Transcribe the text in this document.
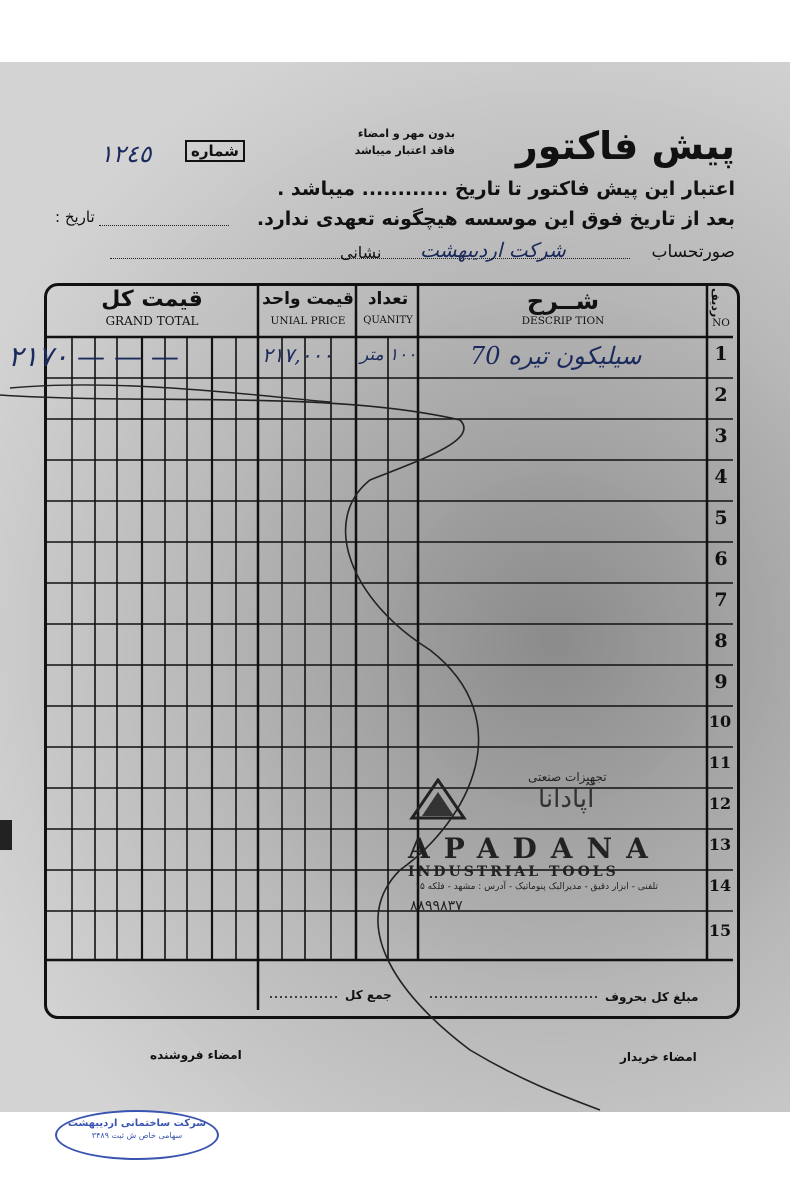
پیش فاکتور
بدون مهر و امضاء
فاقد اعتبار میباشد
شماره
١٢٤٥
اعتبار این پیش فاکتور تا تاریخ ............ میباشد .
بعد از تاریخ فوق این موسسه هیچگونه تعهدی ندارد.
تاریخ :
صورتحساب
شرکت اردیبهشت
نشانی
ردیف
NO
شــرح
DESCRIP TION
تعداد
QUANITY
قیمت واحد
UNIAL PRICE
قیمت کل
GRAND TOTAL
1
2
3
4
5
6
7
8
9
10
11
12
13
14
15
سیلیکون تیره 70
۱۰۰ متر
۲۱۷,۰۰۰
۲۱۷۰ — — —
مبلغ کل بحروف
جمع کل
امضاء خریدار
امضاء فروشنده
تجهیزات صنعتی
آپادانا
APADANA
INDUSTRIAL TOOLS
تلفنی - ابزار دقیق - مدیرالبک پنوماتیک - آدرس : مشهد - فلکه ۱۵
۸۸۹۹۸۳۷
شرکت ساختمانی اردیبهشت
سهامی خاص ش ثبت ۳۴۸۹
